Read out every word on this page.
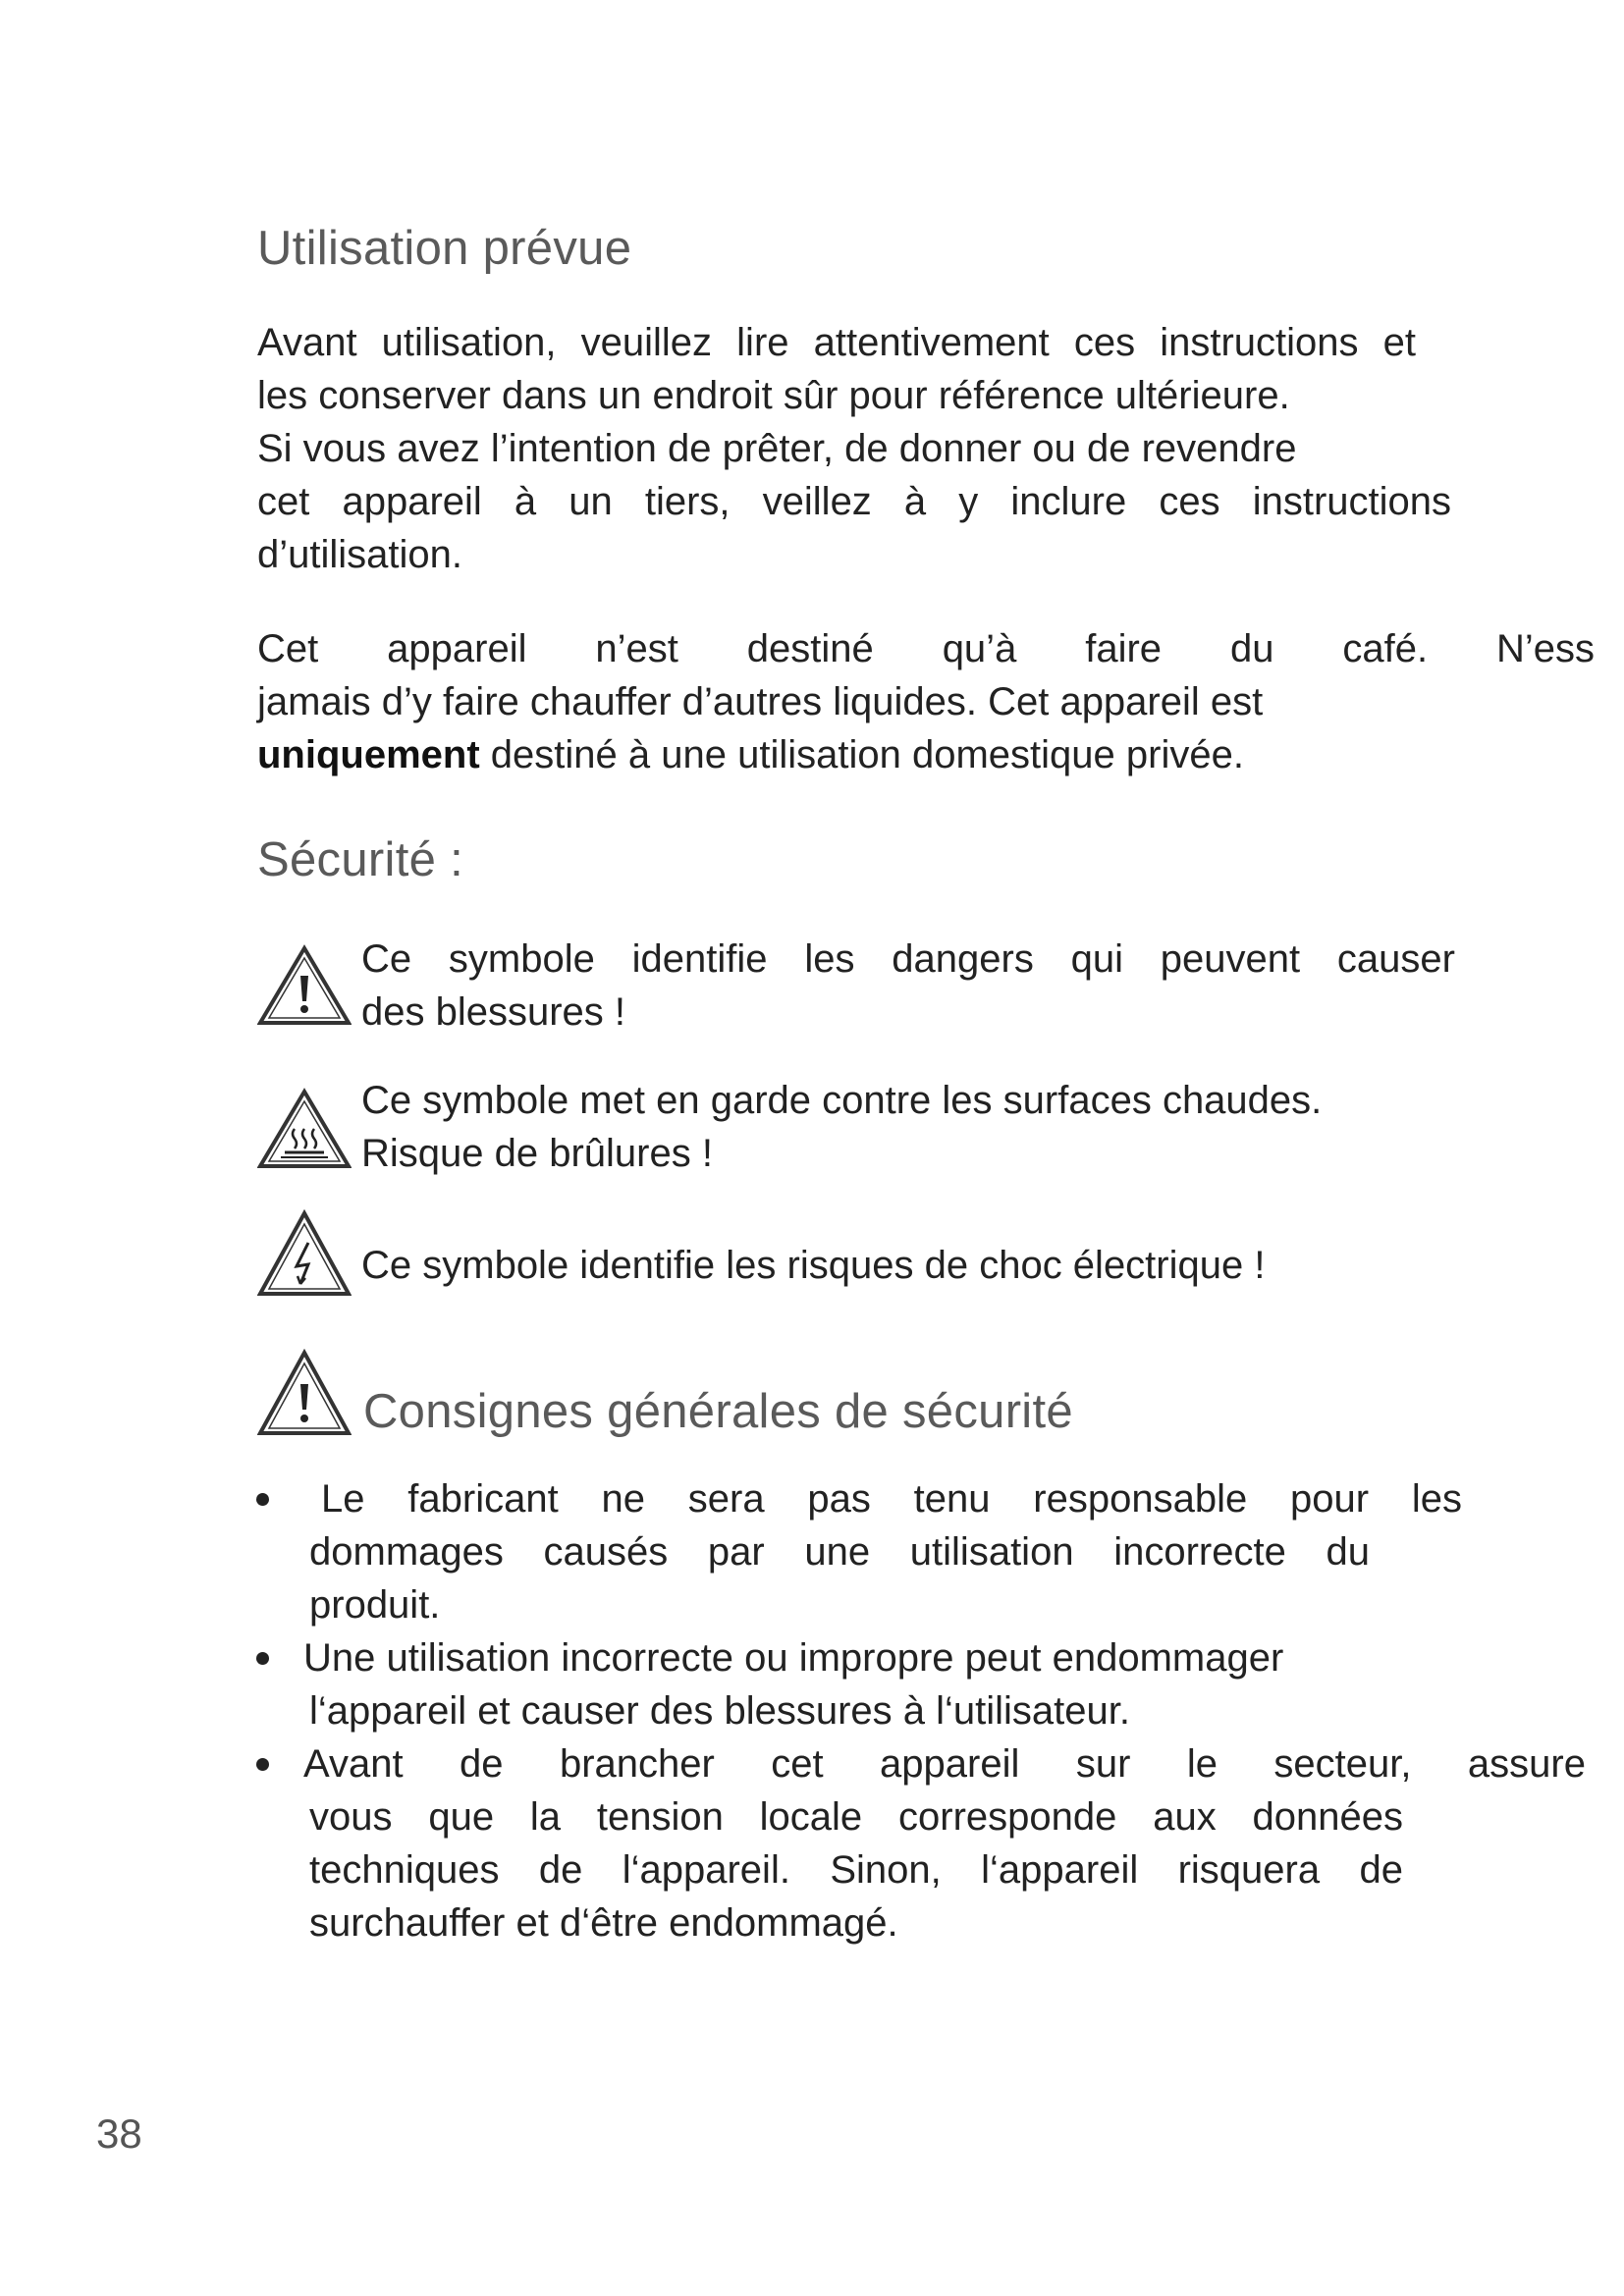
Utilisation prévue

Avant utilisation, veuillez lire attentivement ces instructions et
les conserver dans un endroit sûr pour référence ultérieure.
Si vous avez l’intention de prêter, de donner ou de revendre
cet appareil à un tiers, veillez à y inclure ces instructions
d’utilisation.

Cet appareil n’est destiné qu’à faire du café. N’ess
jamais d’y faire chauffer d’autres liquides. Cet appareil est
uniquement destiné à une utilisation domestique privée.

Sécurité :
Ce symbole identifie les dangers qui peuvent causer
des blessures !
Ce symbole met en garde contre les surfaces chaudes.
Risque de brûlures !
Ce symbole identifie les risques de choc électrique !
Consignes générales de sécurité
Le fabricant ne sera pas tenu responsable pour les
dommages causés par une utilisation incorrecte du
produit.
Une utilisation incorrecte ou impropre peut endommager
l‘appareil et causer des blessures à l‘utilisateur.
Avant de brancher cet appareil sur le secteur, assure
vous que la tension locale corresponde aux données
techniques de l‘appareil. Sinon, l‘appareil risquera de
surchauffer et d‘être endommagé.
38
